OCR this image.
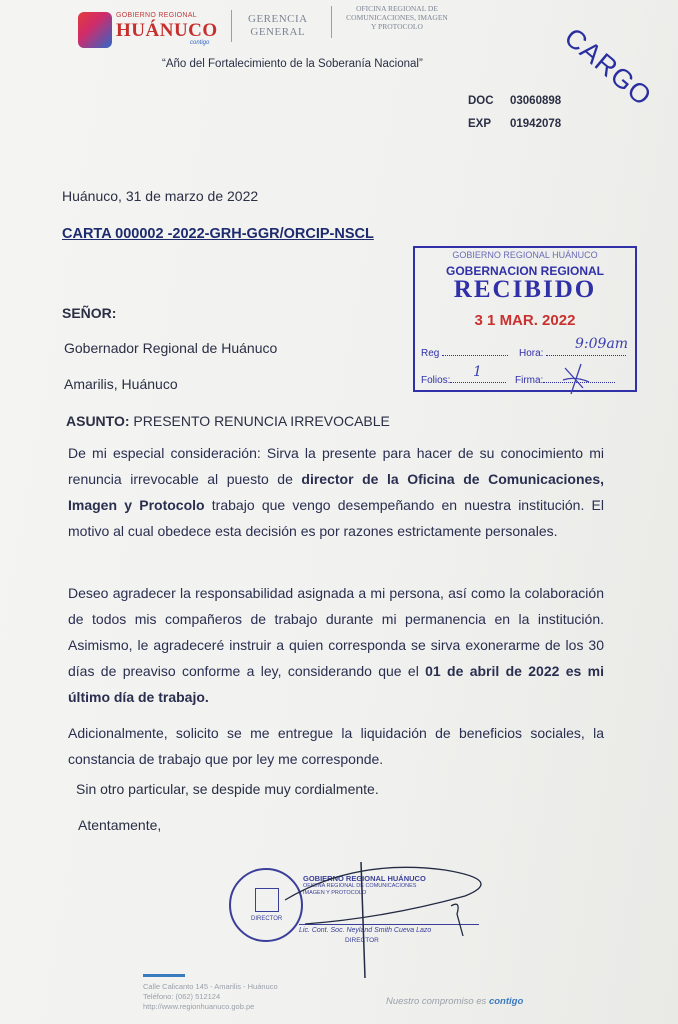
GOBIERNO REGIONAL
HUÁNUCO
contigo
GERENCIA
GENERAL
OFICINA REGIONAL DE
COMUNICACIONES, IMAGEN
Y PROTOCOLO	CARGO
“Año del Fortalecimiento de la Soberanía Nacional”
DOC 03060898
EXP 01942078
Huánuco, 31 de marzo de 2022
CARTA 000002 -2022-GRH-GGR/ORCIP-NSCL
SEÑOR:
Gobernador Regional de Huánuco
Amarilis, Huánuco
ASUNTO: PRESENTO RENUNCIA IRREVOCABLE
GOBIERNO REGIONAL HUÁNUCO
GOBERNACION REGIONAL
RECIBIDO
3 1 MAR. 2022
Reg	Hora:
9:09am
Folios:
1
Firma:
De mi especial consideración: Sirva la presente para hacer de su conocimiento mi renuncia irrevocable al puesto de director de la Oficina de Comunicaciones, Imagen y Protocolo trabajo que vengo desempeñando en nuestra institución. El motivo al cual obedece esta decisión es por razones estrictamente personales.
Deseo agradecer la responsabilidad asignada a mi persona, así como la colaboración de todos mis compañeros de trabajo durante mi permanencia en la institución. Asimismo, le agradeceré instruir a quien corresponda se sirva exonerarme de los 30 días de preaviso conforme a ley, considerando que el 01 de abril de 2022 es mi último día de trabajo.
Adicionalmente, solicito se me entregue la liquidación de beneficios sociales, la constancia de trabajo que por ley me corresponde.
Sin otro particular, se despide muy cordialmente.
Atentamente,
DIRECTOR
GOBIERNO REGIONAL HUÁNUCO
OFICINA REGIONAL DE COMUNICACIONES
IMAGEN Y PROTOCOLO
Lic. Cont. Soc. Neyland Smith Cueva Lazo
DIRECTOR
Calle Calicanto 145 - Amarilis - Huánuco
Teléfono: (062) 512124
http://www.regionhuanuco.gob.pe	Nuestro compromiso es contigo
